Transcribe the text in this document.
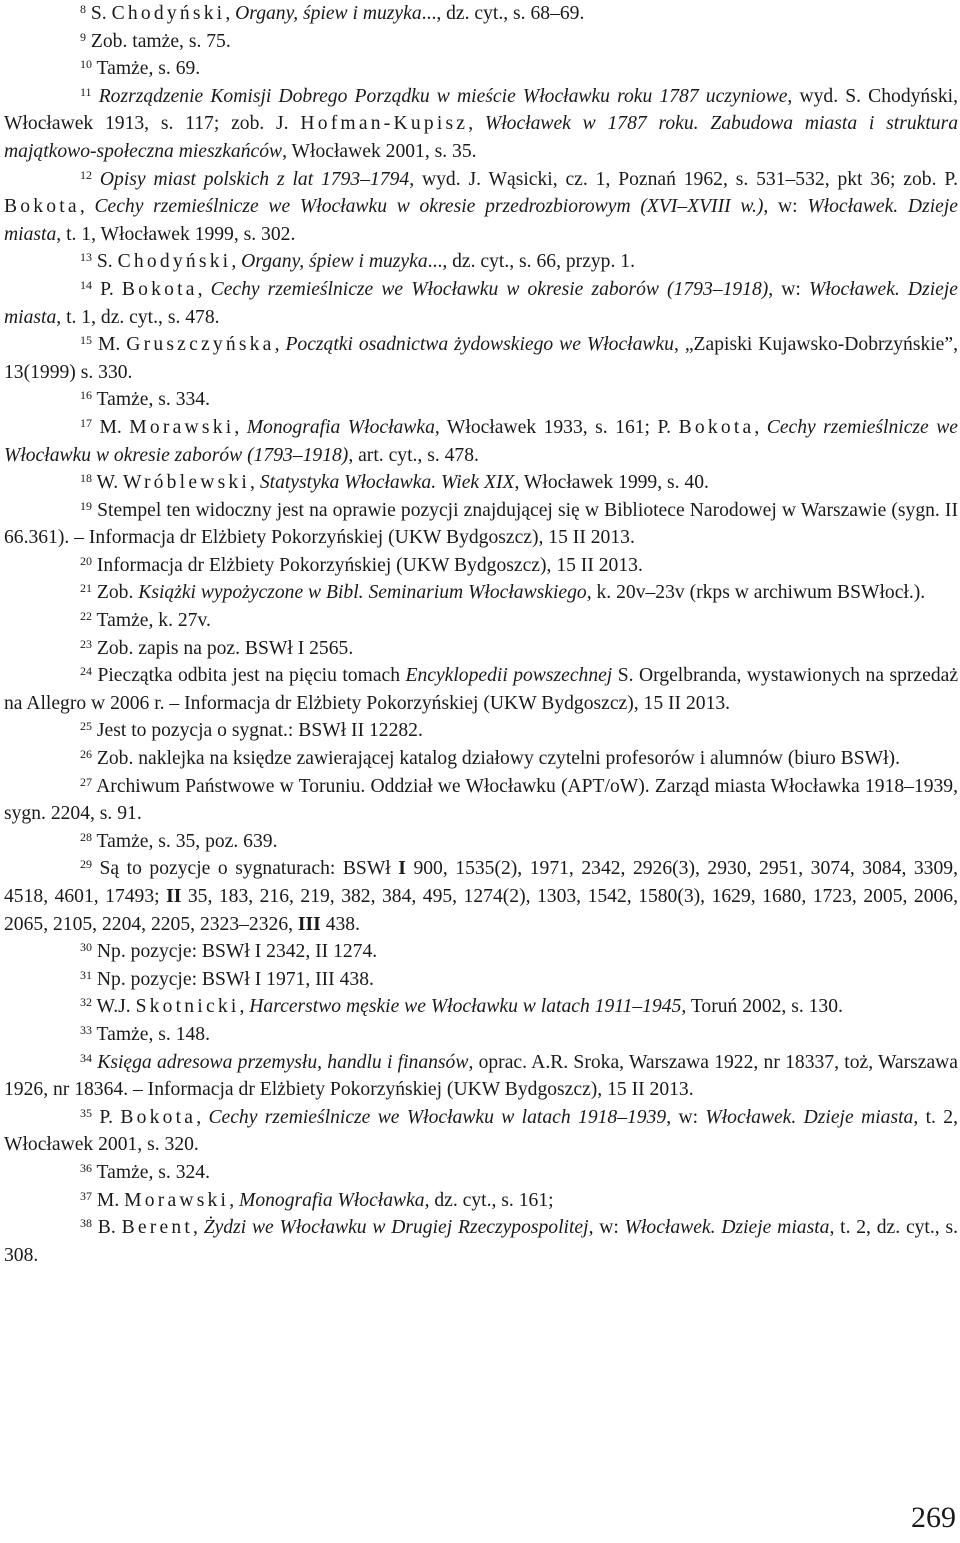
$^8$ S. Chodyński, Organy, śpiew i muzyka..., dz. cyt., s. 68–69.

$^9$ Zob. tamże, s. 75.

$^{10}$ Tamże, s. 69.

$^{11}$ Rozrządzenie Komisji Dobrego Porządku w mieście Włocławku roku 1787 uczyniowe, wyd. S. Chodyński, Włocławek 1913, s. 117; zob. J. Hofman-Kupisz, Włocławek w 1787 roku. Zabudowa miasta i struktura majątkowo-społeczna mieszkańców, Włocławek 2001, s. 35.

$^{12}$ Opisy miast polskich z lat 1793–1794, wyd. J. Wąsicki, cz. 1, Poznań 1962, s. 531–532, pkt 36; zob. P. Bokota, Cechy rzemieślnicze we Włocławku w okresie przedrozbiorowym (XVI–XVIII w.), w: Włocławek. Dzieje miasta, t. 1, Włocławek 1999, s. 302.

$^{13}$ S. Chodyński, Organy, śpiew i muzyka..., dz. cyt., s. 66, przyp. 1.

$^{14}$ P. Bokota, Cechy rzemieślnicze we Włocławku w okresie zaborów (1793–1918), w: Włocławek. Dzieje miasta, t. 1, dz. cyt., s. 478.

$^{15}$ M. Gruszczyńska, Początki osadnictwa żydowskiego we Włocławku, „Zapiski Kujawsko-Dobrzyńskie”, 13(1999) s. 330.

$^{16}$ Tamże, s. 334.

$^{17}$ M. Morawski, Monografia Włocławka, Włocławek 1933, s. 161; P. Bokota, Cechy rzemieślnicze we Włocławku w okresie zaborów (1793–1918), art. cyt., s. 478.

$^{18}$ W. Wróblewski, Statystyka Włocławka. Wiek XIX, Włocławek 1999, s. 40.

$^{19}$ Stempel ten widoczny jest na oprawie pozycji znajdującej się w Bibliotece Narodowej w Warszawie (sygn. II 66.361). – Informacja dr Elżbiety Pokorzyńskiej (UKW Bydgoszcz), 15 II 2013.

$^{20}$ Informacja dr Elżbiety Pokorzyńskiej (UKW Bydgoszcz), 15 II 2013.

$^{21}$ Zob. Książki wypożyczone w Bibl. Seminarium Włocławskiego, k. 20v–23v (rkps w archiwum BSWłocł.).

$^{22}$ Tamże, k. 27v.

$^{23}$ Zob. zapis na poz. BSWł I 2565.

$^{24}$ Pieczątka odbita jest na pięciu tomach Encyklopedii powszechnej S. Orgelbranda, wystawionych na sprzedaż na Allegro w 2006 r. – Informacja dr Elżbiety Pokorzyńskiej (UKW Bydgoszcz), 15 II 2013.

$^{25}$ Jest to pozycja o sygnat.: BSWł II 12282.

$^{26}$ Zob. naklejka na księdze zawierającej katalog działowy czytelni profesorów i alumnów (biuro BSWł).

$^{27}$ Archiwum Państwowe w Toruniu. Oddział we Włocławku (APT/oW). Zarząd miasta Włocławka 1918–1939, sygn. 2204, s. 91.

$^{28}$ Tamże, s. 35, poz. 639.

$^{29}$ Są to pozycje o sygnaturach: BSWł I 900, 1535(2), 1971, 2342, 2926(3), 2930, 2951, 3074, 3084, 3309, 4518, 4601, 17493; II 35, 183, 216, 219, 382, 384, 495, 1274(2), 1303, 1542, 1580(3), 1629, 1680, 1723, 2005, 2006, 2065, 2105, 2204, 2205, 2323–2326, III 438.

$^{30}$ Np. pozycje: BSWł I 2342, II 1274.

$^{31}$ Np. pozycje: BSWł I 1971, III 438.

$^{32}$ W.J. Skotnicki, Harcerstwo męskie we Włocławku w latach 1911–1945, Toruń 2002, s. 130.

$^{33}$ Tamże, s. 148.

$^{34}$ Księga adresowa przemysłu, handlu i finansów, oprac. A.R. Sroka, Warszawa 1922, nr 18337, toż, Warszawa 1926, nr 18364. – Informacja dr Elżbiety Pokorzyńskiej (UKW Bydgoszcz), 15 II 2013.

$^{35}$ P. Bokota, Cechy rzemieślnicze we Włocławku w latach 1918–1939, w: Włocławek. Dzieje miasta, t. 2, Włocławek 2001, s. 320.

$^{36}$ Tamże, s. 324.

$^{37}$ M. Morawski, Monografia Włocławka, dz. cyt., s. 161;

$^{38}$ B. Berent, Żydzi we Włocławku w Drugiej Rzeczypospolitej, w: Włocławek. Dzieje miasta, t. 2, dz. cyt., s. 308.

269
